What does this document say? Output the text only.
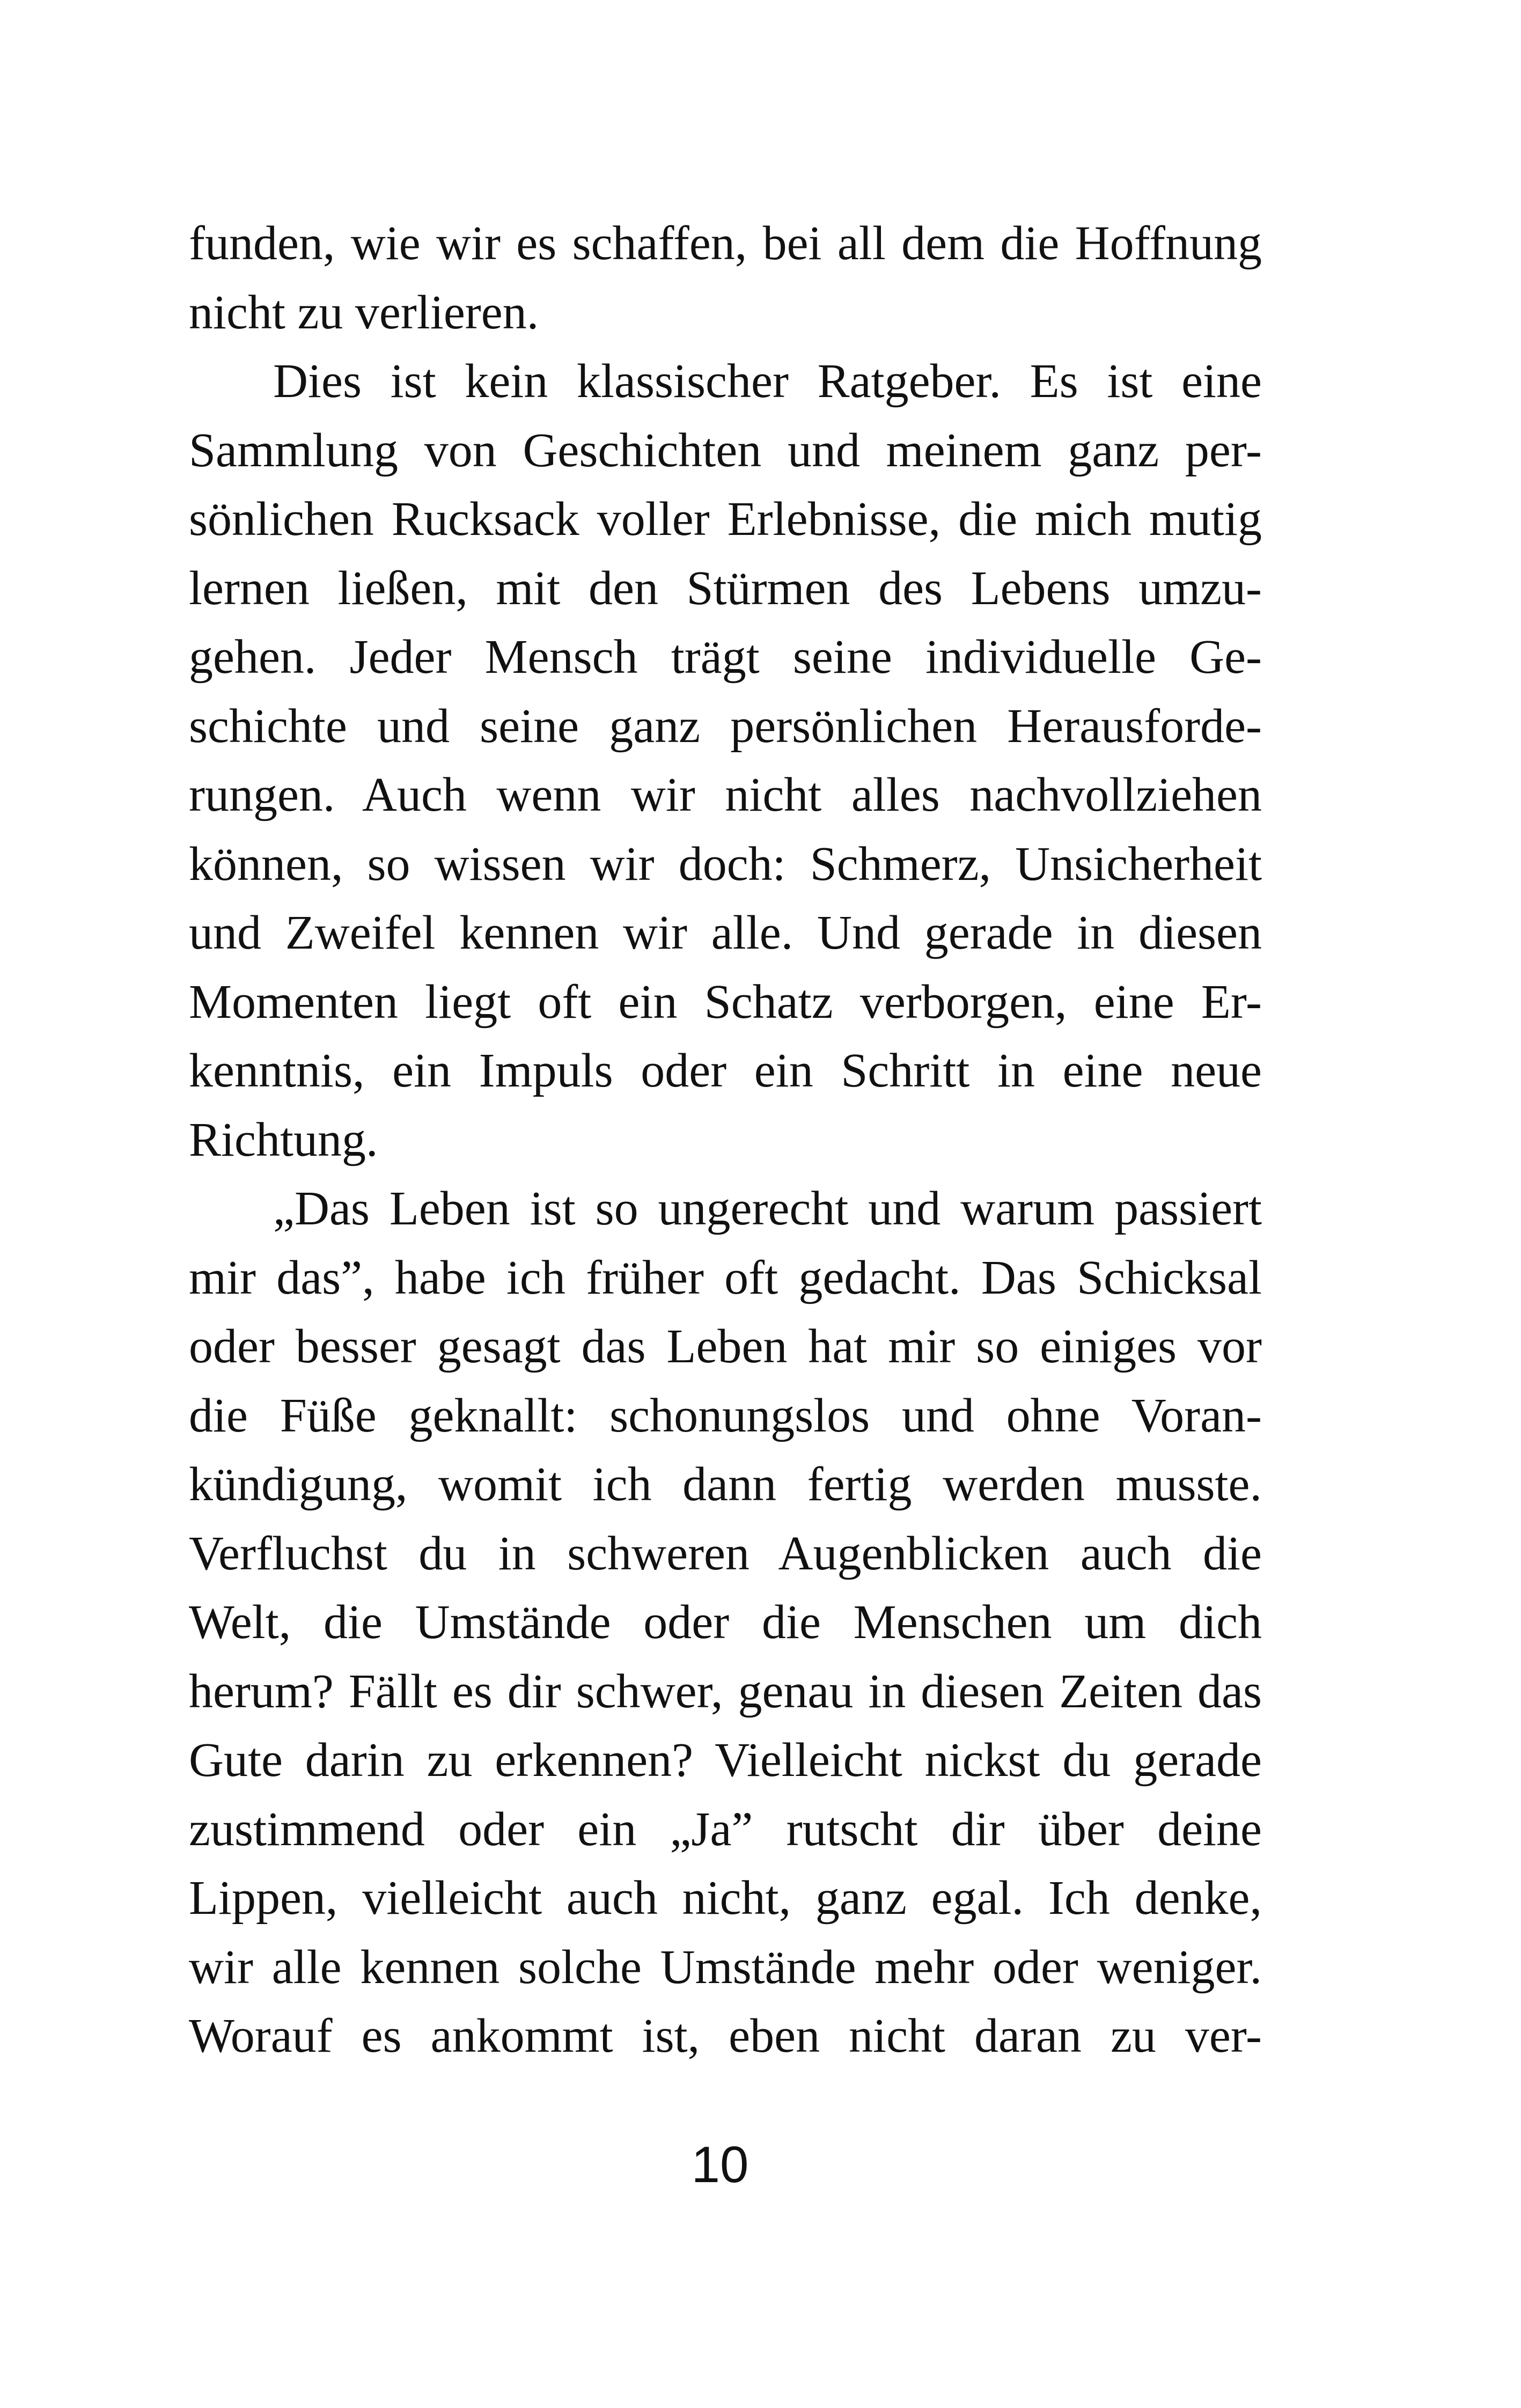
funden, wie wir es schaffen, bei all dem die Hoffnung
nicht zu verlieren.
Dies ist kein klassischer Ratgeber. Es ist eine
Sammlung von Geschichten und meinem ganz per-
sönlichen Rucksack voller Erlebnisse, die mich mutig
lernen ließen, mit den Stürmen des Lebens umzu-
gehen. Jeder Mensch trägt seine individuelle Ge-
schichte und seine ganz persönlichen Herausforde-
rungen. Auch wenn wir nicht alles nachvollziehen
können, so wissen wir doch: Schmerz, Unsicherheit
und Zweifel kennen wir alle. Und gerade in diesen
Momenten liegt oft ein Schatz verborgen, eine Er-
kenntnis, ein Impuls oder ein Schritt in eine neue
Richtung.
„Das Leben ist so ungerecht und warum passiert
mir das”, habe ich früher oft gedacht. Das Schicksal
oder besser gesagt das Leben hat mir so einiges vor
die Füße geknallt: schonungslos und ohne Voran-
kündigung, womit ich dann fertig werden musste.
Verfluchst du in schweren Augenblicken auch die
Welt, die Umstände oder die Menschen um dich
herum? Fällt es dir schwer, genau in diesen Zeiten das
Gute darin zu erkennen? Vielleicht nickst du gerade
zustimmend oder ein „Ja” rutscht dir über deine
Lippen, vielleicht auch nicht, ganz egal. Ich denke,
wir alle kennen solche Umstände mehr oder weniger.
Worauf es ankommt ist, eben nicht daran zu ver-
10
